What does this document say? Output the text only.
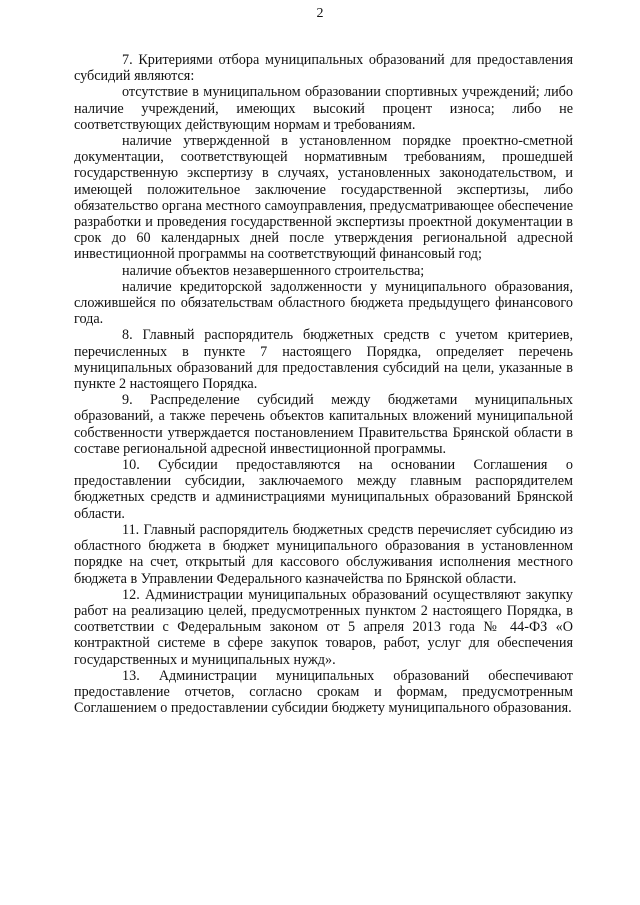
2

7. Критериями отбора муниципальных образований для предоставления субсидий являются:

отсутствие в муниципальном образовании спортивных учреждений; либо наличие учреждений, имеющих высокий процент износа; либо не соответствующих действующим нормам и требованиям.

наличие утвержденной в установленном порядке проектно-сметной документации, соответствующей нормативным требованиям, прошедшей государственную экспертизу в случаях, установленных законодательством, и имеющей положительное заключение государственной экспертизы, либо обязательство органа местного самоуправления, предусматривающее обеспечение разработки и проведения государственной экспертизы проектной документации в срок до 60 календарных дней после утверждения региональной адресной инвестиционной программы на соответствующий финансовый год;

наличие объектов незавершенного строительства;

наличие кредиторской задолженности у муниципального образования, сложившейся по обязательствам областного бюджета предыдущего финансового года.

8. Главный распорядитель бюджетных средств с учетом критериев, перечисленных в пункте 7 настоящего Порядка, определяет перечень муниципальных образований для предоставления субсидий на цели, указанные в пункте 2 настоящего Порядка.

9. Распределение субсидий между бюджетами муниципальных образований, а также перечень объектов капитальных вложений муниципальной собственности утверждается постановлением Правительства Брянской области в составе региональной адресной инвестиционной программы.

10. Субсидии предоставляются на основании Соглашения о предоставлении субсидии, заключаемого между главным распорядителем бюджетных средств и администрациями муниципальных образований Брянской области.

11. Главный распорядитель бюджетных средств перечисляет субсидию из областного бюджета в бюджет муниципального образования в установленном порядке на счет, открытый для кассового обслуживания исполнения местного бюджета в Управлении Федерального казначейства по Брянской области.

12. Администрации муниципальных образований осуществляют закупку работ на реализацию целей, предусмотренных пунктом 2 настоящего Порядка, в соответствии с Федеральным законом от 5 апреля 2013 года № 44-ФЗ «О контрактной системе в сфере закупок товаров, работ, услуг для обеспечения государственных и муниципальных нужд».

13. Администрации муниципальных образований обеспечивают предоставление отчетов, согласно срокам и формам, предусмотренным Соглашением о предоставлении субсидии бюджету муниципального образования.
